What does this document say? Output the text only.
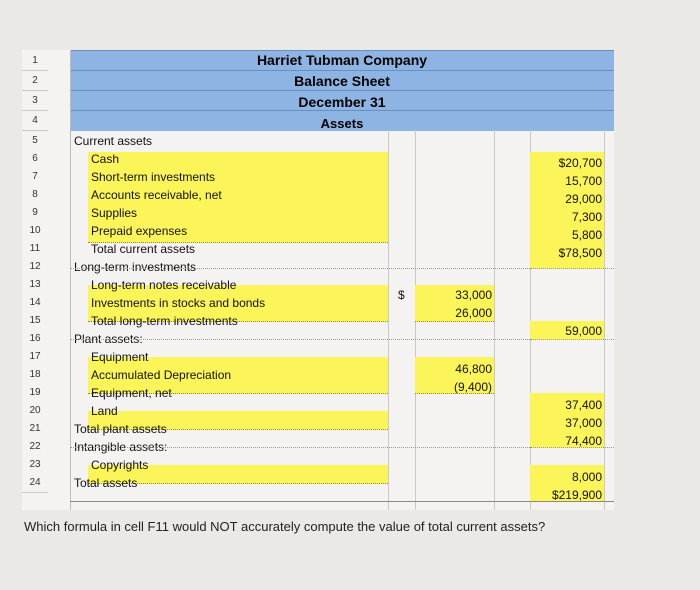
1
2
3
4
5
6
7
8
9
10
11
12
13
14
15
16
17
18
19
20
21
22
23
24
Harriet Tubman Company
Balance Sheet
December 31
Assets
Current assets
Cash
Short-term investments
Accounts receivable, net
Supplies
Prepaid expenses
Total current assets
Long-term investments
Long-term notes receivable
Investments in stocks and bonds
Total long-term investments
Plant assets:
Equipment
Accumulated Depreciation
Equipment, net
Land
Total plant assets
Intangible assets:
Copyrights
Total assets
$20,700
15,700
29,000
7,300
5,800
$78,500
59,000
37,400
37,000
74,400
8,000
$219,900
$	33,000
26,000
46,800
(9,400)
Which formula in cell F11 would NOT accurately compute the value of total current assets?
